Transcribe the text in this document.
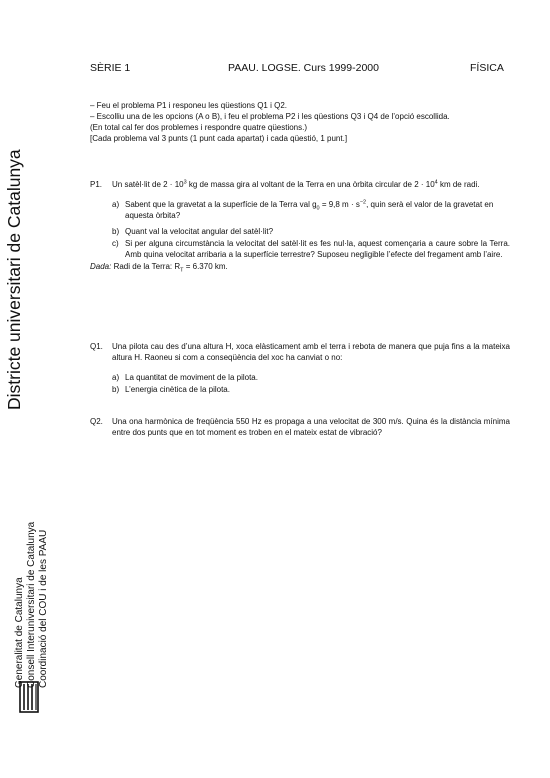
SÈRIE 1	PAAU. LOGSE. Curs 1999-2000	FÍSICA
Districte universitari de Catalunya
Generalitat de Catalunya Consell Interuniversitari de Catalunya Coordinació del COU i de les PAAU
– Feu el problema P1 i responeu les qüestions Q1 i Q2.
– Escolliu una de les opcions (A o B), i feu el problema P2 i les qüestions Q3 i Q4 de l’opció escollida.
(En total cal fer dos problemes i respondre quatre qüestions.)
[Cada problema val 3 punts (1 punt cada apartat) i cada qüestió, 1 punt.]
P1. Un satèl·lit de $2 \cdot 10^3$ kg de massa gira al voltant de la Terra en una òrbita circular de $2 \cdot 10^4$ km de radi.
a) Sabent que la gravetat a la superfície de la Terra val $g_0 = 9,8$ $m \cdot s^{-2}$, quin serà el valor de la gravetat en aquesta òrbita?
b) Quant val la velocitat angular del satèl·lit?
c) Si per alguna circumstància la velocitat del satèl·lit es fes nul·la, aquest començaria a caure sobre la Terra. Amb quina velocitat arribaria a la superfície terrestre? Suposeu negligible l’efecte del fregament amb l’aire.
Dada: Radi de la Terra: $R_T = 6.370$ km.
Q1. Una pilota cau des d’una altura H, xoca elàsticament amb el terra i rebota de manera que puja fins a la mateixa altura H. Raoneu si com a conseqüència del xoc ha canviat o no:
a) La quantitat de moviment de la pilota.
b) L’energia cinètica de la pilota.
Q2. Una ona harmònica de freqüència 550 Hz es propaga a una velocitat de 300 m/s. Quina és la distància mínima entre dos punts que en tot moment es troben en el mateix estat de vibració?
